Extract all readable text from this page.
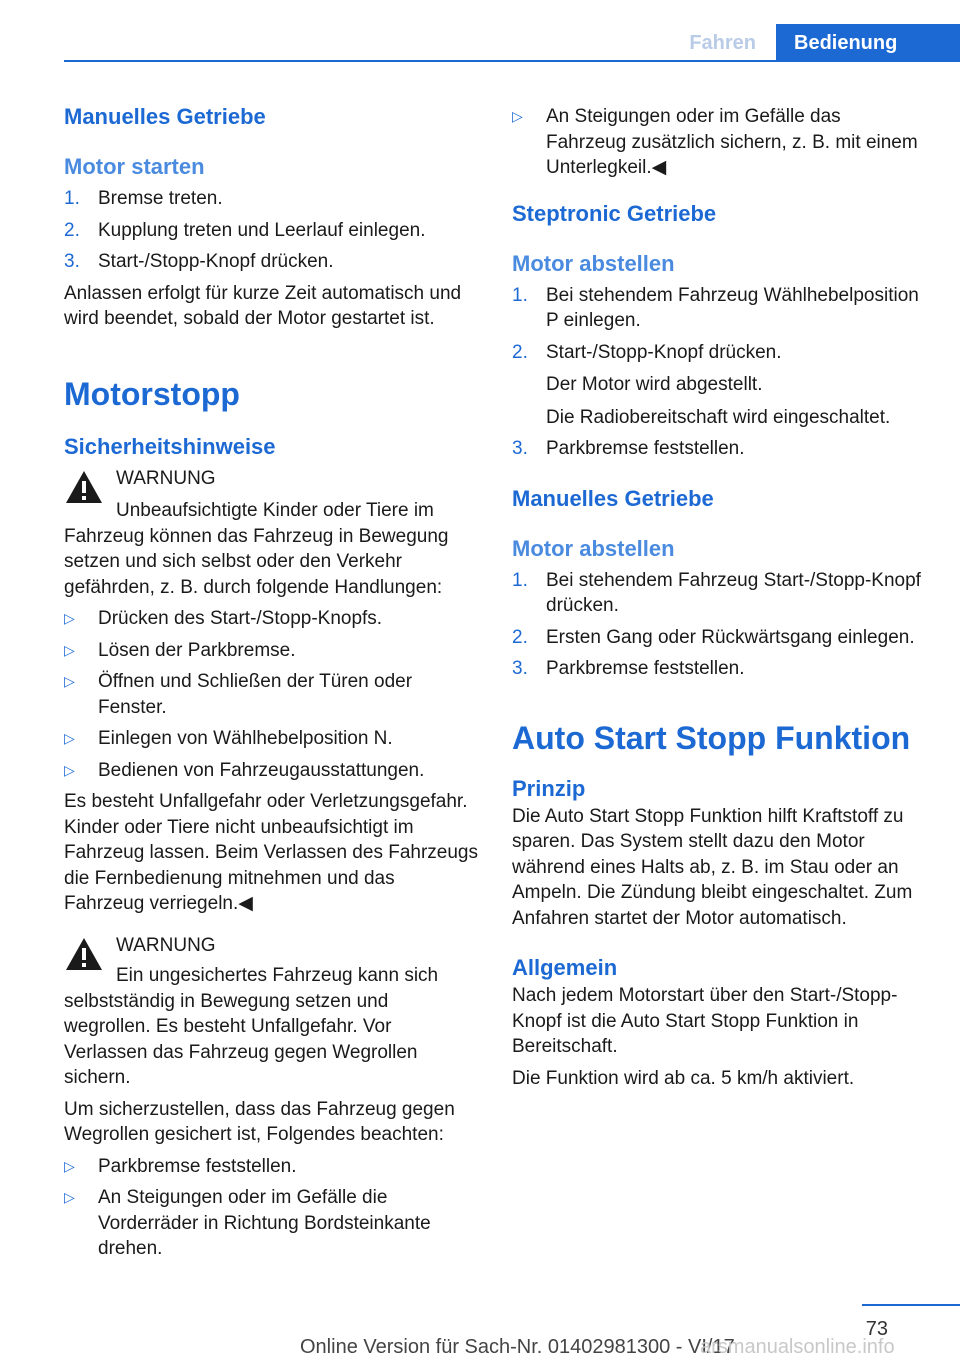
Fahren	Bedienung
Manuelles Getriebe
Motor starten
1. Bremse treten.
2. Kupplung treten und Leerlauf einlegen.
3. Start-/Stopp-Knopf drücken.

Anlassen erfolgt für kurze Zeit automatisch und wird beendet, sobald der Motor gestartet ist.

Motorstopp
Sicherheitshinweise
WARNUNG
Unbeaufsichtigte Kinder oder Tiere im

Fahrzeug können das Fahrzeug in Bewegung setzen und sich selbst oder den Verkehr gefährden, z. B. durch folgende Handlungen:

▷	Drücken des Start-/Stopp-Knopfs.
▷	Lösen der Parkbremse.
▷	Öffnen und Schließen der Türen oder Fenster.
▷	Einlegen von Wählhebelposition N.
▷	Bedienen von Fahrzeugausstattungen.

Es besteht Unfallgefahr oder Verletzungsgefahr. Kinder oder Tiere nicht unbeaufsichtigt im Fahrzeug lassen. Beim Verlassen des Fahrzeugs die Fernbedienung mitnehmen und das Fahrzeug verriegeln.◀

WARNUNG
Ein ungesichertes Fahrzeug kann sich

selbstständig in Bewegung setzen und wegrollen. Es besteht Unfallgefahr. Vor Verlassen das Fahrzeug gegen Wegrollen sichern.

Um sicherzustellen, dass das Fahrzeug gegen Wegrollen gesichert ist, Folgendes beachten:

▷	Parkbremse feststellen.
▷	An Steigungen oder im Gefälle die Vorderräder in Richtung Bordsteinkante drehen.
▷	An Steigungen oder im Gefälle das Fahrzeug zusätzlich sichern, z. B. mit einem Unterlegkeil.◀
Steptronic Getriebe
Motor abstellen
1. Bei stehendem Fahrzeug Wählhebelposition P einlegen.
2. Start-/Stopp-Knopf drücken.
Der Motor wird abgestellt.
Die Radiobereitschaft wird eingeschaltet.
3. Parkbremse feststellen.
Manuelles Getriebe
Motor abstellen
1. Bei stehendem Fahrzeug Start-/Stopp-Knopf drücken.
2. Ersten Gang oder Rückwärtsgang einlegen.
3. Parkbremse feststellen.
Auto Start Stopp Funktion
Prinzip

Die Auto Start Stopp Funktion hilft Kraftstoff zu sparen. Das System stellt dazu den Motor während eines Halts ab, z. B. im Stau oder an Ampeln. Die Zündung bleibt eingeschaltet. Zum Anfahren startet der Motor automatisch.

Allgemein

Nach jedem Motorstart über den Start-/Stopp-Knopf ist die Auto Start Stopp Funktion in Bereitschaft.

Die Funktion wird ab ca. 5 km/h aktiviert.

73
Online Version für Sach-Nr. 01402981300 - VI/17
arsmanualsonline.info
